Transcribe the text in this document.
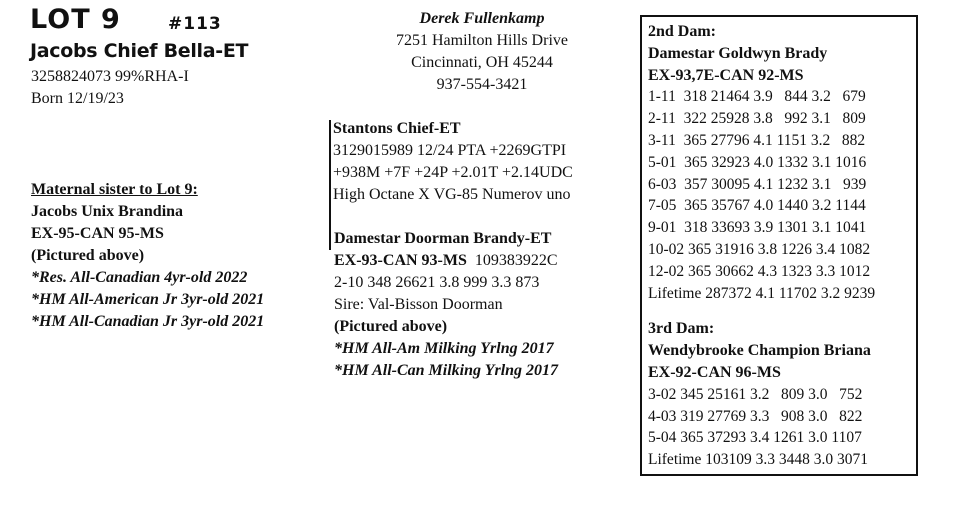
LOT 9	#113
Jacobs Chief Bella-ET
3258824073 99%RHA-I
Born 12/19/23
Maternal sister to Lot 9:
Jacobs Unix Brandina
EX-95-CAN 95-MS
(Pictured above)
*Res. All-Canadian 4yr-old 2022
*HM All-American Jr 3yr-old 2021
*HM All-Canadian Jr 3yr-old 2021
Derek Fullenkamp
7251 Hamilton Hills Drive
Cincinnati, OH 45244
937-554-3421
Stantons Chief-ET
3129015989 12/24 PTA +2269GTPI
+938M +7F +24P +2.01T +2.14UDC
High Octane X VG-85 Numerov uno
Damestar Doorman Brandy-ET
EX-93-CAN 93-MS 109383922C
2-10 348 26621 3.8 999 3.3 873
Sire: Val-Bisson Doorman
(Pictured above)
*HM All-Am Milking Yrlng 2017
*HM All-Can Milking Yrlng 2017
2nd Dam:
Damestar Goldwyn Brady
EX-93,7E-CAN 92-MS
1-11  318 21464 3.9   844 3.2   679
2-11  322 25928 3.8   992 3.1   809
3-11  365 27796 4.1 1151 3.2   882
5-01  365 32923 4.0 1332 3.1 1016
6-03  357 30095 4.1 1232 3.1   939
7-05  365 35767 4.0 1440 3.2 1144
9-01  318 33693 3.9 1301 3.1 1041
10-02 365 31916 3.8 1226 3.4 1082
12-02 365 30662 4.3 1323 3.3 1012
Lifetime 287372 4.1 11702 3.2 9239
3rd Dam:
Wendybrooke Champion Briana
EX-92-CAN 96-MS
3-02 345 25161 3.2   809 3.0   752
4-03 319 27769 3.3   908 3.0   822
5-04 365 37293 3.4 1261 3.0 1107
Lifetime 103109 3.3 3448 3.0 3071
